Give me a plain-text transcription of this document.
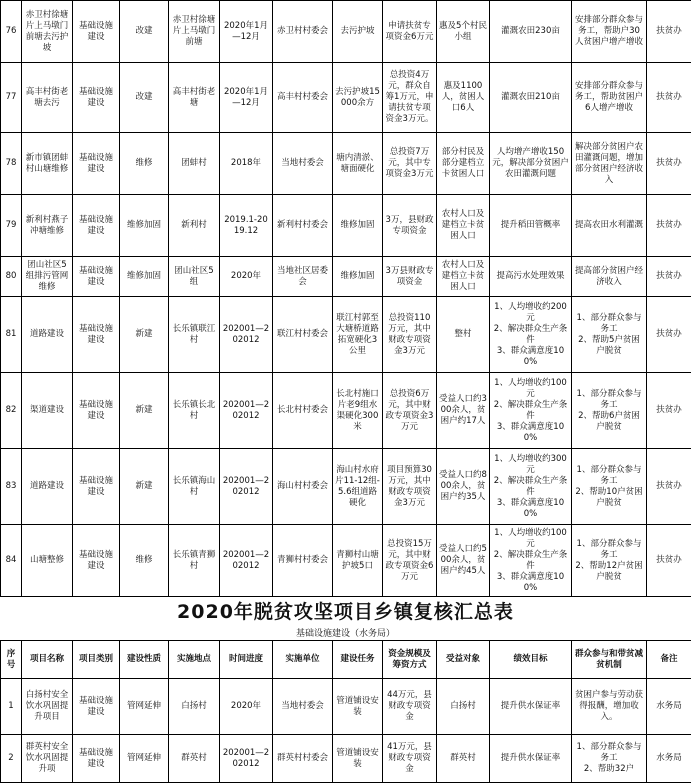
76	赤卫村徐塘片上马墩门前塘去污护坡	基础设施建设	改建	赤卫村徐塘片上马墩门前塘	2020年1月—12月	赤卫村村委会	去污护坡	申请扶贫专项资金6万元	惠及5个村民小组	灌溉农田230亩	安排部分群众参与务工，帮助户30人贫困户增产增收	扶贫办
77	高丰村街老塘去污	基础设施建设	改建	高丰村街老塘	2020年1月—12月	高丰村村委会	去污护坡15000余方	总投资4万元，群众自筹1万元，申请扶贫专项资金3万元。	惠及1100人，贫困人口6人	灌溉农田210亩	安排部分群众参与务工，帮助贫困户6人增产增收	扶贫办
78	新市镇团蚌村山塘维修	基础设施建设	维修	团蚌村	2018年	当地村委会	塘内清淤、塘面硬化	总投资7万元，其中专项资金3万元	部分村民及部分建档立卡贫困人口	人均增产增收150元，解决部分贫困户农田灌溉问题	解决部分贫困户农田灌溉问题，增加部分贫困户经济收入	扶贫办
79	新利村燕子冲塘维修	基础设施建设	维修加固	新利村	2019.1-2019.12	新利村村委会	维修加固	3万，县财政专项资金	农村人口及建档立卡贫困人口	提升稻田管概率	提高农田水利灌溉	扶贫办
80	团山社区5组排污管网维修	基础设施建设	维修加固	团山社区5组	2020年	当地社区居委会	维修加固	3万县财政专项资金	农村人口及建档立卡贫困人口	提高污水处理效果	提高部分贫困户经济收入	扶贫办
81	道路建设	基础设施建设	新建	长乐镇联江村	202001—202012	联江村村委会	联江村郭至大塘桥道路拓宽硬化3公里	总投资110万元，其中财政专项资金3万元	整村	1、人均增收约200元
2、解决群众生产条件
3、群众满意度100%	1、部分群众参与务工
2、帮助5户贫困户脱贫	扶贫办
82	渠道建设	基础设施建设	新建	长乐镇长北村	202001—202012	长北村村委会	长北村施口片老9组水渠硬化300米	总投资6万元，其中财政专项资金3万元	受益人口约300余人，贫困户约17人	1、人均增收约100元
2、解决群众生产条件
3、群众满意度100%	1、部分群众参与务工
2、帮助6户贫困户脱贫	扶贫办
83	道路建设	基础设施建设	新建	长乐镇海山村	202001—202012	海山村村委会	海山村水府片11-12组-5.6组道路硬化	项目预算30万元，其中财政专项资金3万元	受益人口约800余人，贫困户约35人	1、人均增收约300元
2、解决群众生产条件
3、群众满意度100%	1、部分群众参与务工
2、帮助10户贫困户脱贫	扶贫办
84	山塘整修	基础设施建设	维修	长乐镇青狮村	202001—202012	青狮村村委会	青狮村山塘护坡5口	总投资15万元，其中财政专项资金6万元	受益人口约500余人，贫困户约45人	1、人均增收约100元
2、解决群众生产条件
3、群众满意度100%	1、部分群众参与务工
2、帮助12户贫困户脱贫	扶贫办
2020年脱贫攻坚项目乡镇复核汇总表
基础设施建设（水务局）
序号	项目名称	项目类别	建设性质	实施地点	时间进度	实施单位	建设任务	资金规模及筹资方式	受益对象	绩效目标	群众参与和带贫减贫机制	备注
1	白扬村安全饮水巩固提升项目	基础设施建设	管网延伸	白扬村	2020年	当地村委会	管道铺设安装	44万元，县财政专项资金	白扬村	提升供水保证率	贫困户参与劳动获得报酬，增加收入。	水务局
2	群英村安全饮水巩固提升项	基础设施建设	管网延伸	群英村	202001—202012	群英村村委会	管道铺设安装	41万元，县财政专项资金	群英村	提升供水保证率	1、部分群众参与务工
2、帮助32户	水务局
